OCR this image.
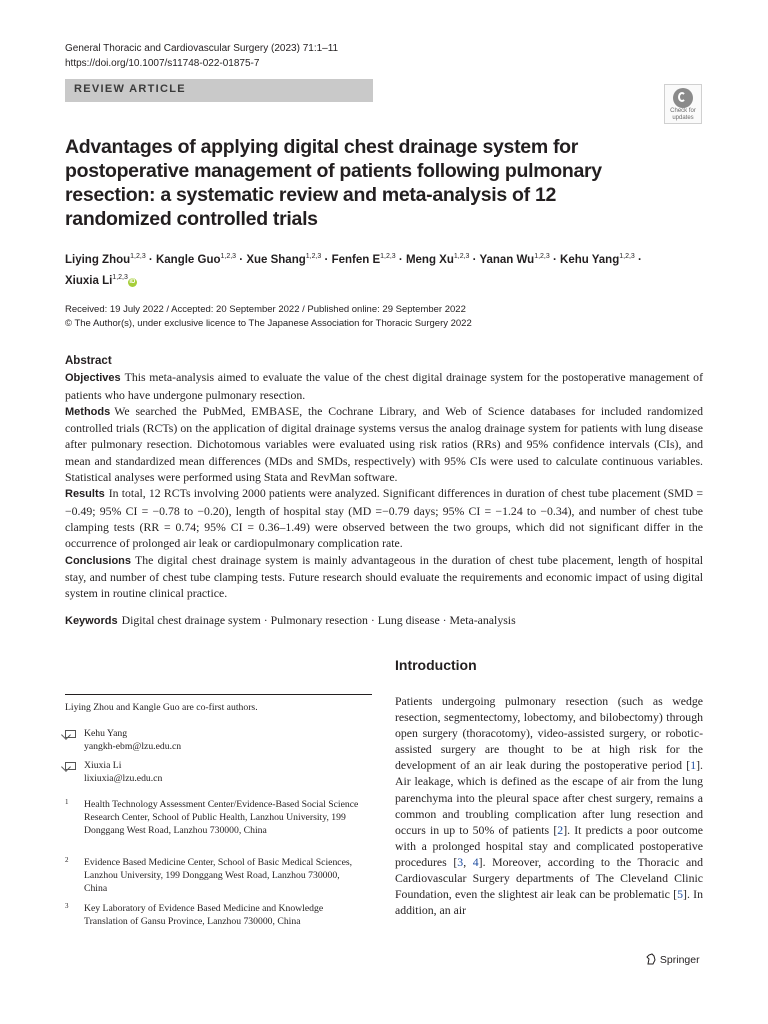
General Thoracic and Cardiovascular Surgery (2023) 71:1–11
https://doi.org/10.1007/s11748-022-01875-7
REVIEW ARTICLE
Check for
updates
Advantages of applying digital chest drainage system for postoperative management of patients following pulmonary resection: a systematic review and meta-analysis of 12 randomized controlled trials
Liying Zhou$^{1,2,3}$ · Kangle Guo$^{1,2,3}$ · Xue Shang$^{1,2,3}$ · Fenfen E$^{1,2,3}$ · Meng Xu$^{1,2,3}$ · Yanan Wu$^{1,2,3}$ · Kehu Yang$^{1,2,3}$ ·
Xiuxia Li$^{1,2,3}$iD
Received: 19 July 2022 / Accepted: 20 September 2022 / Published online: 29 September 2022
© The Author(s), under exclusive licence to The Japanese Association for Thoracic Surgery 2022
Abstract

Objectives This meta-analysis aimed to evaluate the value of the chest digital drainage system for the postoperative management of patients who have undergone pulmonary resection.

Methods We searched the PubMed, EMBASE, the Cochrane Library, and Web of Science databases for included randomized controlled trials (RCTs) on the application of digital drainage systems versus the analog drainage system for patients with lung disease after pulmonary resection. Dichotomous variables were evaluated using risk ratios (RRs) and 95% confidence intervals (CIs), and mean and standardized mean differences (MDs and SMDs, respectively) with 95% CIs were used to calculate continuous variables. Statistical analyses were performed using Stata and RevMan software.

Results In total, 12 RCTs involving 2000 patients were analyzed. Significant differences in duration of chest tube placement (SMD = −0.49; 95% CI = −0.78 to −0.20), length of hospital stay (MD =−0.79 days; 95% CI = −1.24 to −0.34), and number of chest tube clamping tests (RR = 0.74; 95% CI = 0.36–1.49) were observed between the two groups, which did not significant differ in the occurrence of prolonged air leak or cardiopulmonary complication rate.

Conclusions The digital chest drainage system is mainly advantageous in the duration of chest tube placement, length of hospital stay, and number of chest tube clamping tests. Future research should evaluate the requirements and economic impact of using digital system in routine clinical practice.

Keywords Digital chest drainage system · Pulmonary resection · Lung disease · Meta-analysis
Liying Zhou and Kangle Guo are co-first authors.
Kehu Yang
yangkh-ebm@lzu.edu.cn
Xiuxia Li
lixiuxia@lzu.edu.cn
1 Health Technology Assessment Center/Evidence-Based Social Science Research Center, School of Public Health, Lanzhou University, 199 Donggang West Road, Lanzhou 730000, China
2 Evidence Based Medicine Center, School of Basic Medical Sciences, Lanzhou University, 199 Donggang West Road, Lanzhou 730000, China
3 Key Laboratory of Evidence Based Medicine and Knowledge Translation of Gansu Province, Lanzhou 730000, China
Introduction
Patients undergoing pulmonary resection (such as wedge resection, segmentectomy, lobectomy, and bilobectomy) through open surgery (thoracotomy), video-assisted surgery, or robotic-assisted surgery are thought to be at high risk for the development of an air leak during the postoperative period [1]. Air leakage, which is defined as the escape of air from the lung parenchyma into the pleural space after chest surgery, remains a common and troubling complication after lung resection and occurs in up to 50% of patients [2]. It predicts a poor outcome with a prolonged hospital stay and complicated postoperative procedures [3, 4]. Moreover, according to the Thoracic and Cardiovascular Surgery departments of The Cleveland Clinic Foundation, even the slightest air leak can be problematic [5]. In addition, an air
Springer
